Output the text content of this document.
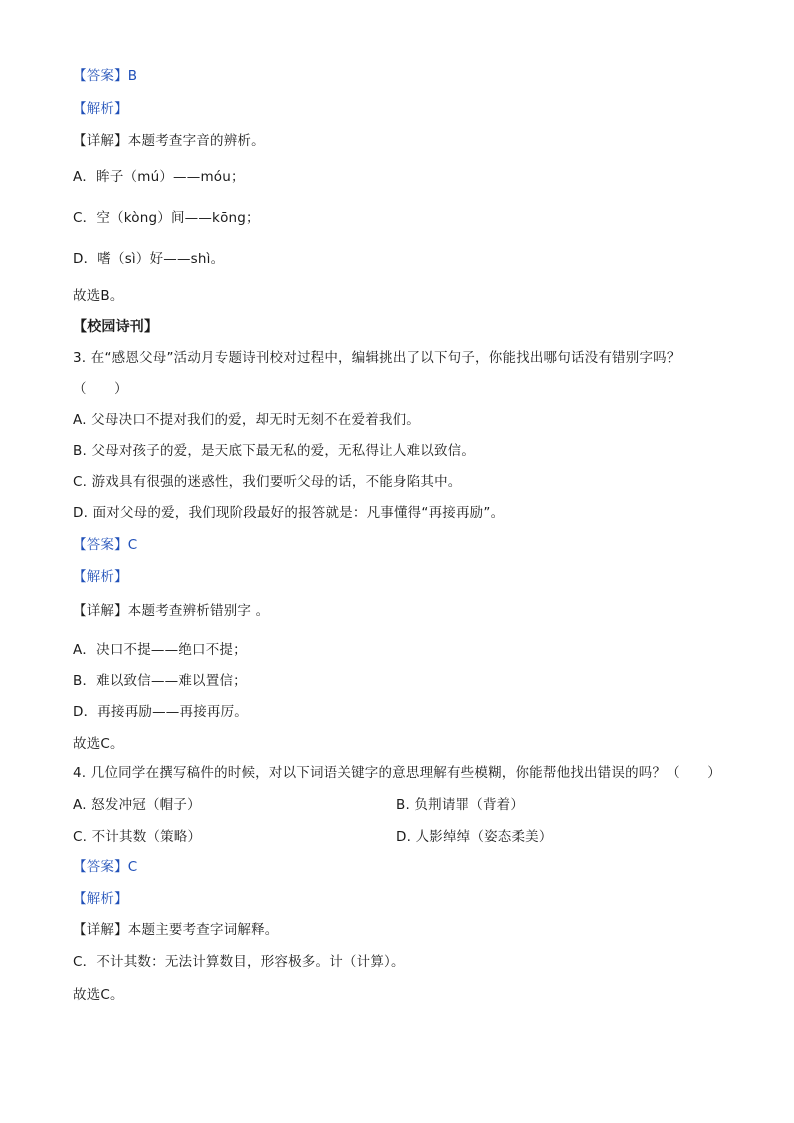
【答案】B
【解析】
【详解】本题考查字音的辨析。
A．眸子（mú）——móu；
C．空（kòng）间——kōng；
D．嗜（sì）好——shì。
故选B。
【校园诗刊】
3. 在“感恩父母”活动月专题诗刊校对过程中，编辑挑出了以下句子，你能找出哪句话没有错别字吗？
（　　）
A. 父母决口不提对我们的爱，却无时无刻不在爱着我们。
B. 父母对孩子的爱，是天底下最无私的爱，无私得让人难以致信。
C. 游戏具有很强的迷惑性，我们要听父母的话，不能身陷其中。
D. 面对父母的爱，我们现阶段最好的报答就是：凡事懂得“再接再励”。
【答案】C
【解析】
【详解】本题考查辨析错别字 。
A．决口不提——绝口不提；
B．难以致信——难以置信；
D．再接再励——再接再厉。
故选C。
4. 几位同学在撰写稿件的时候，对以下词语关键字的意思理解有些模糊，你能帮他找出错误的吗？（　　）
A. 怒发冲冠（帽子）	B. 负荆请罪（背着）
C. 不计其数（策略）	D. 人影绰绰（姿态柔美）
【答案】C
【解析】
【详解】本题主要考查字词解释。
C．不计其数：无法计算数目，形容极多。计（计算）。
故选C。
